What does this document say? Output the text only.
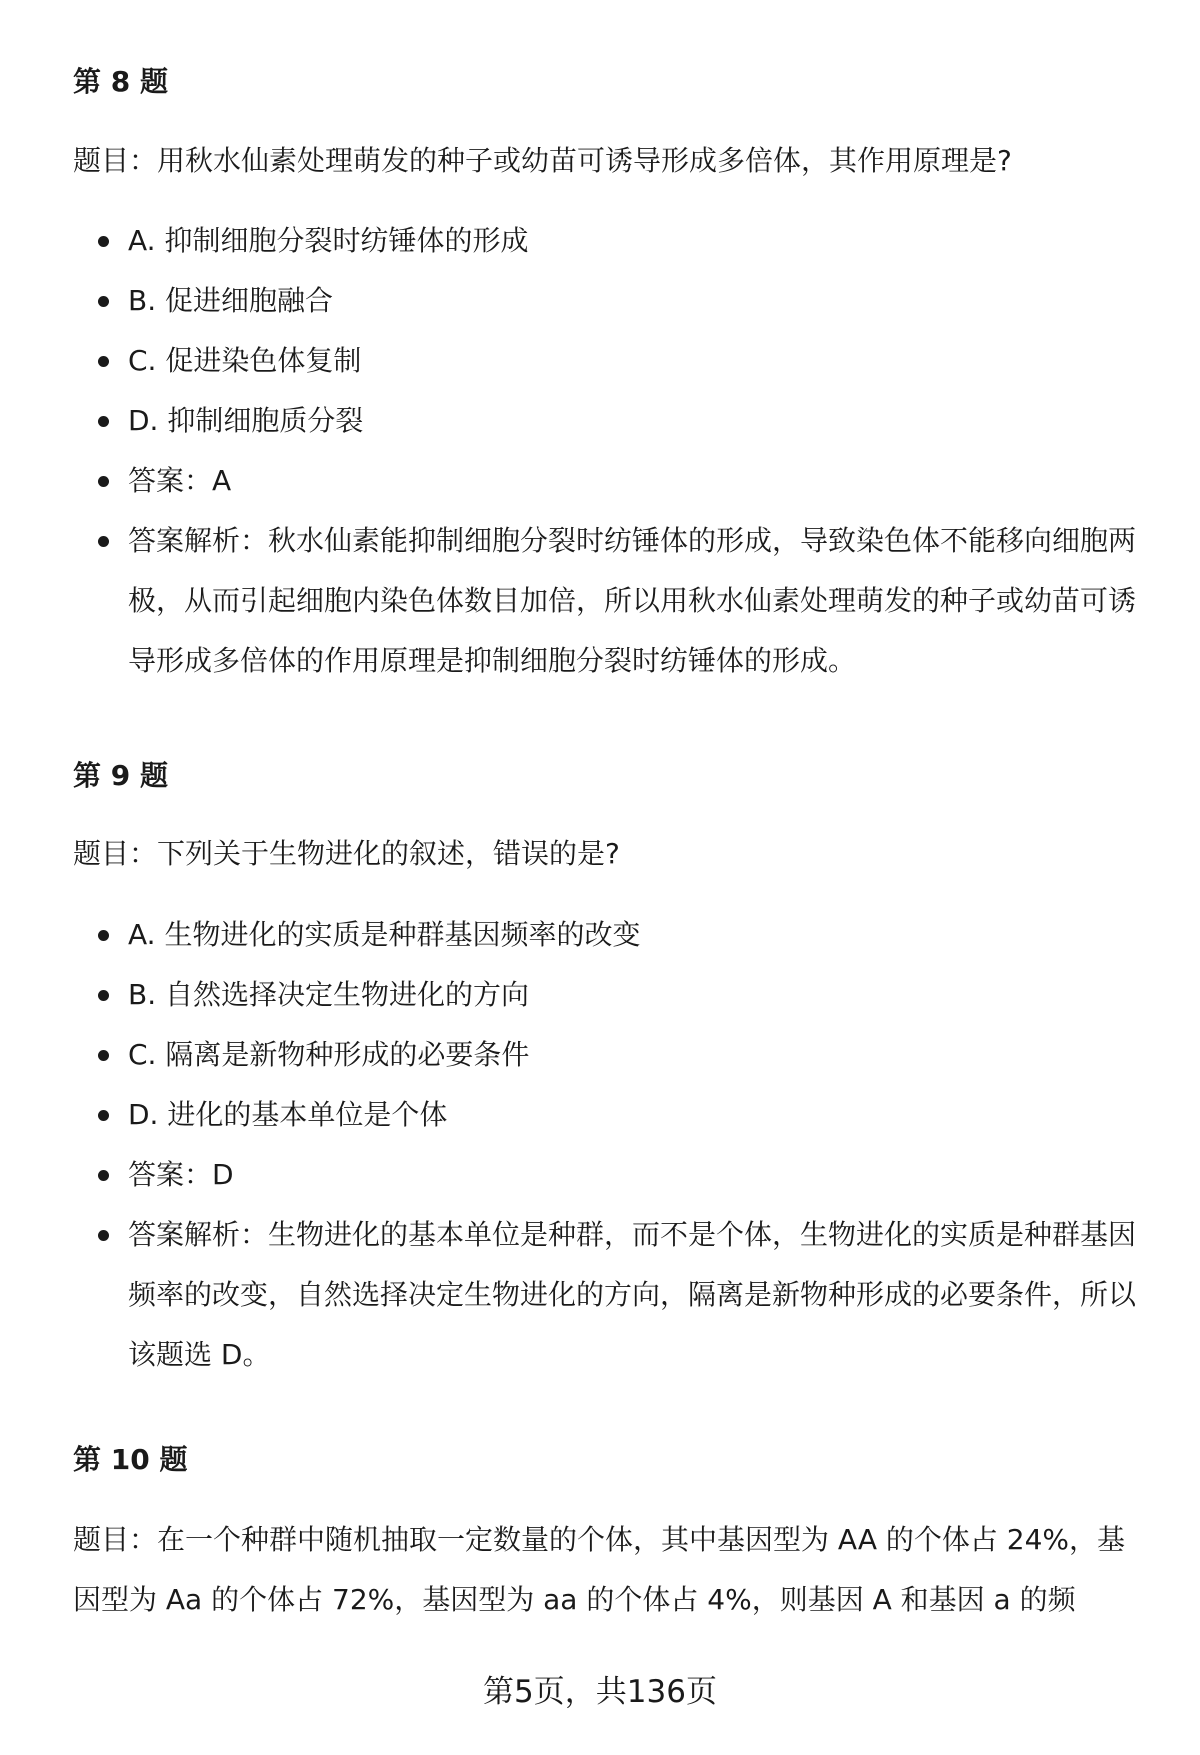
第 8 题

题目：用秋水仙素处理萌发的种子或幼苗可诱导形成多倍体，其作用原理是?

A. 抑制细胞分裂时纺锤体的形成
B. 促进细胞融合
C. 促进染色体复制
D. 抑制细胞质分裂
答案：A
答案解析：秋水仙素能抑制细胞分裂时纺锤体的形成，导致染色体不能移向细胞两极，从而引起细胞内染色体数目加倍，所以用秋水仙素处理萌发的种子或幼苗可诱导形成多倍体的作用原理是抑制细胞分裂时纺锤体的形成。
第 9 题

题目：下列关于生物进化的叙述，错误的是?

A. 生物进化的实质是种群基因频率的改变
B. 自然选择决定生物进化的方向
C. 隔离是新物种形成的必要条件
D. 进化的基本单位是个体
答案：D
答案解析：生物进化的基本单位是种群，而不是个体，生物进化的实质是种群基因频率的改变，自然选择决定生物进化的方向，隔离是新物种形成的必要条件，所以该题选 D。
第 10 题

题目：在一个种群中随机抽取一定数量的个体，其中基因型为 AA 的个体占 24%，基因型为 Aa 的个体占 72%，基因型为 aa 的个体占 4%，则基因 A 和基因 a 的频

第5页，共136页
